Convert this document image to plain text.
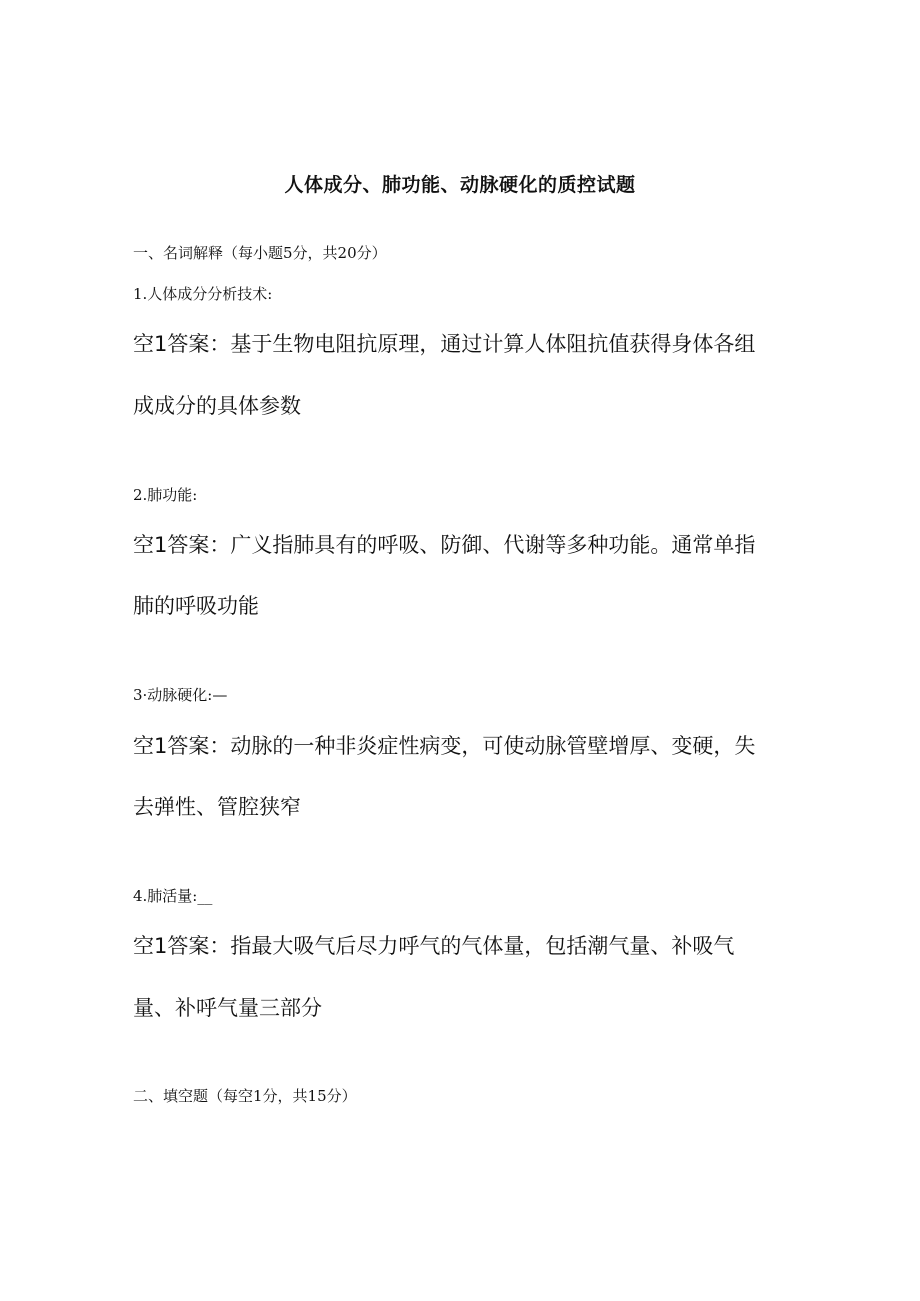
人体成分、肺功能、动脉硬化的质控试题
一、名词解释（每小题5分，共20分）
1.人体成分分析技术:
空1答案：基于生物电阻抗原理，通过计算人体阻抗值获得身体各组
成成分的具体参数
2.肺功能:
空1答案：广义指肺具有的呼吸、防御、代谢等多种功能。通常单指
肺的呼吸功能
3·动脉硬化:—
空1答案：动脉的一种非炎症性病变，可使动脉管壁增厚、变硬，失
去弹性、管腔狭窄
4.肺活量:__
空1答案：指最大吸气后尽力呼气的气体量，包括潮气量、补吸气
量、补呼气量三部分
二、填空题（每空1分，共15分）
